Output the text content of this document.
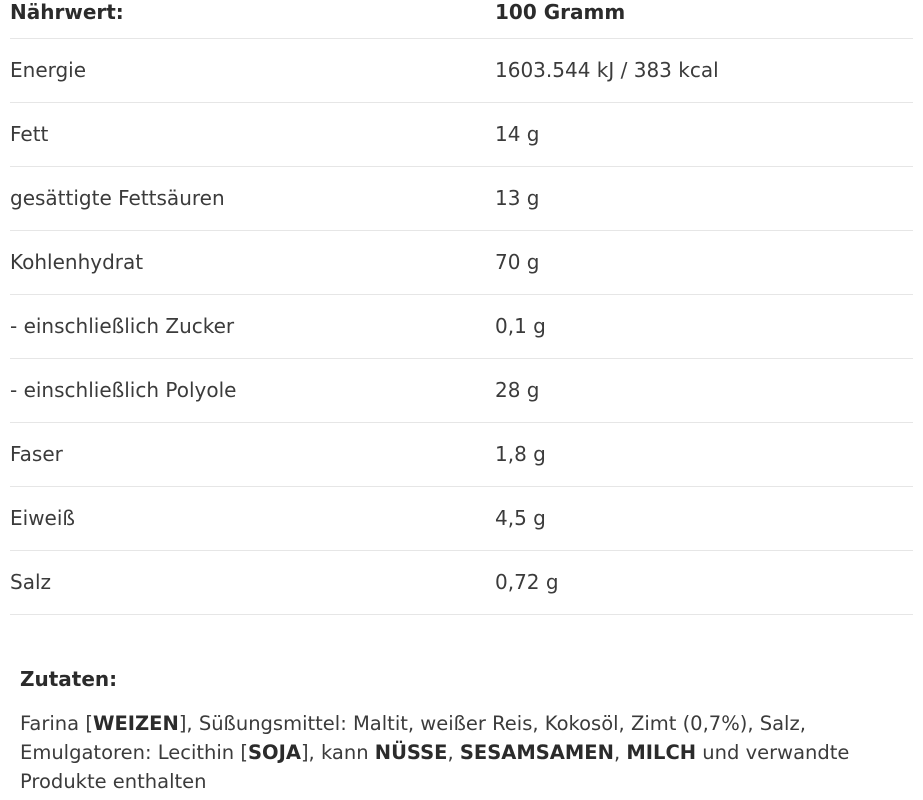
Nährwert:	100 Gramm
Energie	1603.544 kJ / 383 kcal
Fett	14 g
gesättigte Fettsäuren	13 g
Kohlenhydrat	70 g
- einschließlich Zucker	0,1 g
- einschließlich Polyole	28 g
Faser	1,8 g
Eiweiß	4,5 g
Salz	0,72 g
Zutaten:
Farina [WEIZEN], Süßungsmittel: Maltit, weißer Reis, Kokosöl, Zimt (0,7%), Salz, Emulgatoren: Lecithin [SOJA], kann NÜSSE, SESAMSAMEN, MILCH und verwandte Produkte enthalten
